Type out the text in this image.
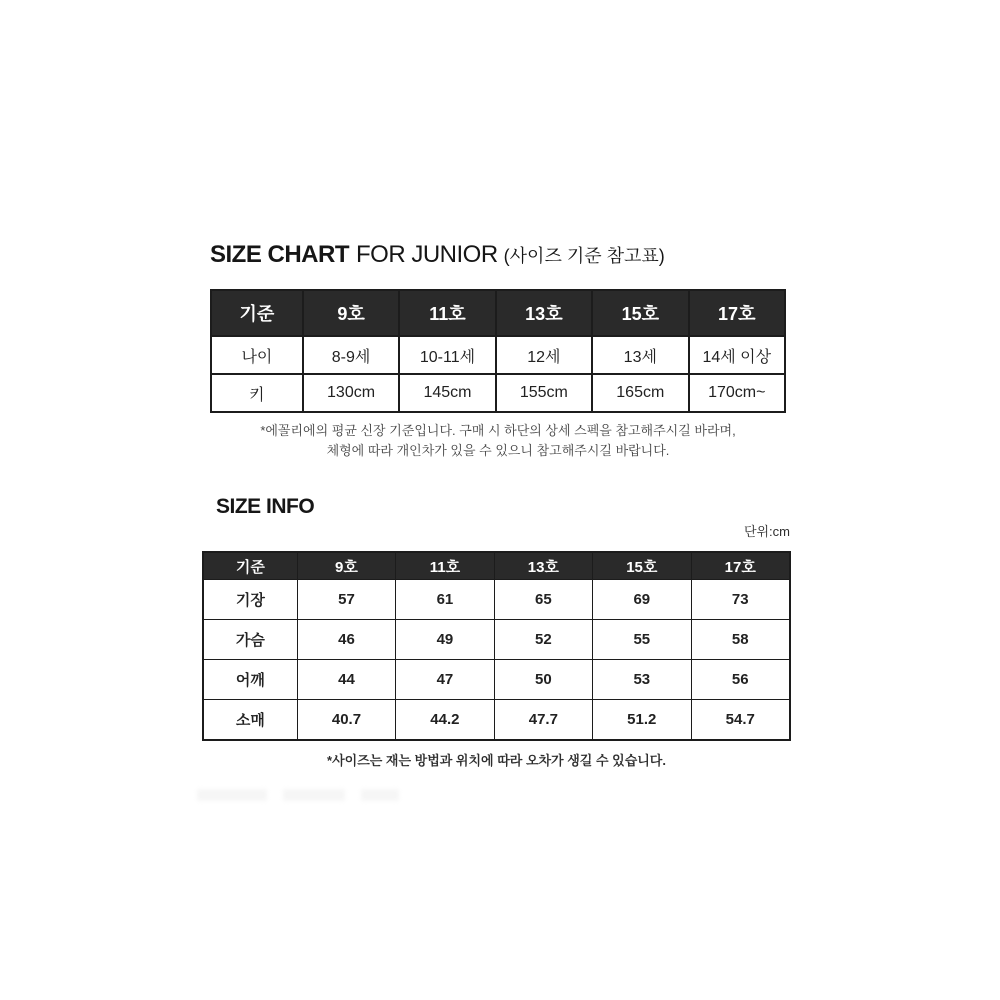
SIZE CHART FOR JUNIOR (사이즈 기준 참고표)
기준	9호	11호	13호	15호	17호
나이	8-9세	10-11세	12세	13세	14세 이상
키	130cm	145cm	155cm	165cm	170cm~
*에꼴리에의 평균 신장 기준입니다. 구매 시 하단의 상세 스펙을 참고해주시길 바라며,
체형에 따라 개인차가 있을 수 있으니 참고해주시길 바랍니다.
SIZE INFO
단위:cm
기준	9호	11호	13호	15호	17호
기장	57	61	65	69	73
가슴	46	49	52	55	58
어깨	44	47	50	53	56
소매	40.7	44.2	47.7	51.2	54.7
*사이즈는 재는 방법과 위치에 따라 오차가 생길 수 있습니다.
